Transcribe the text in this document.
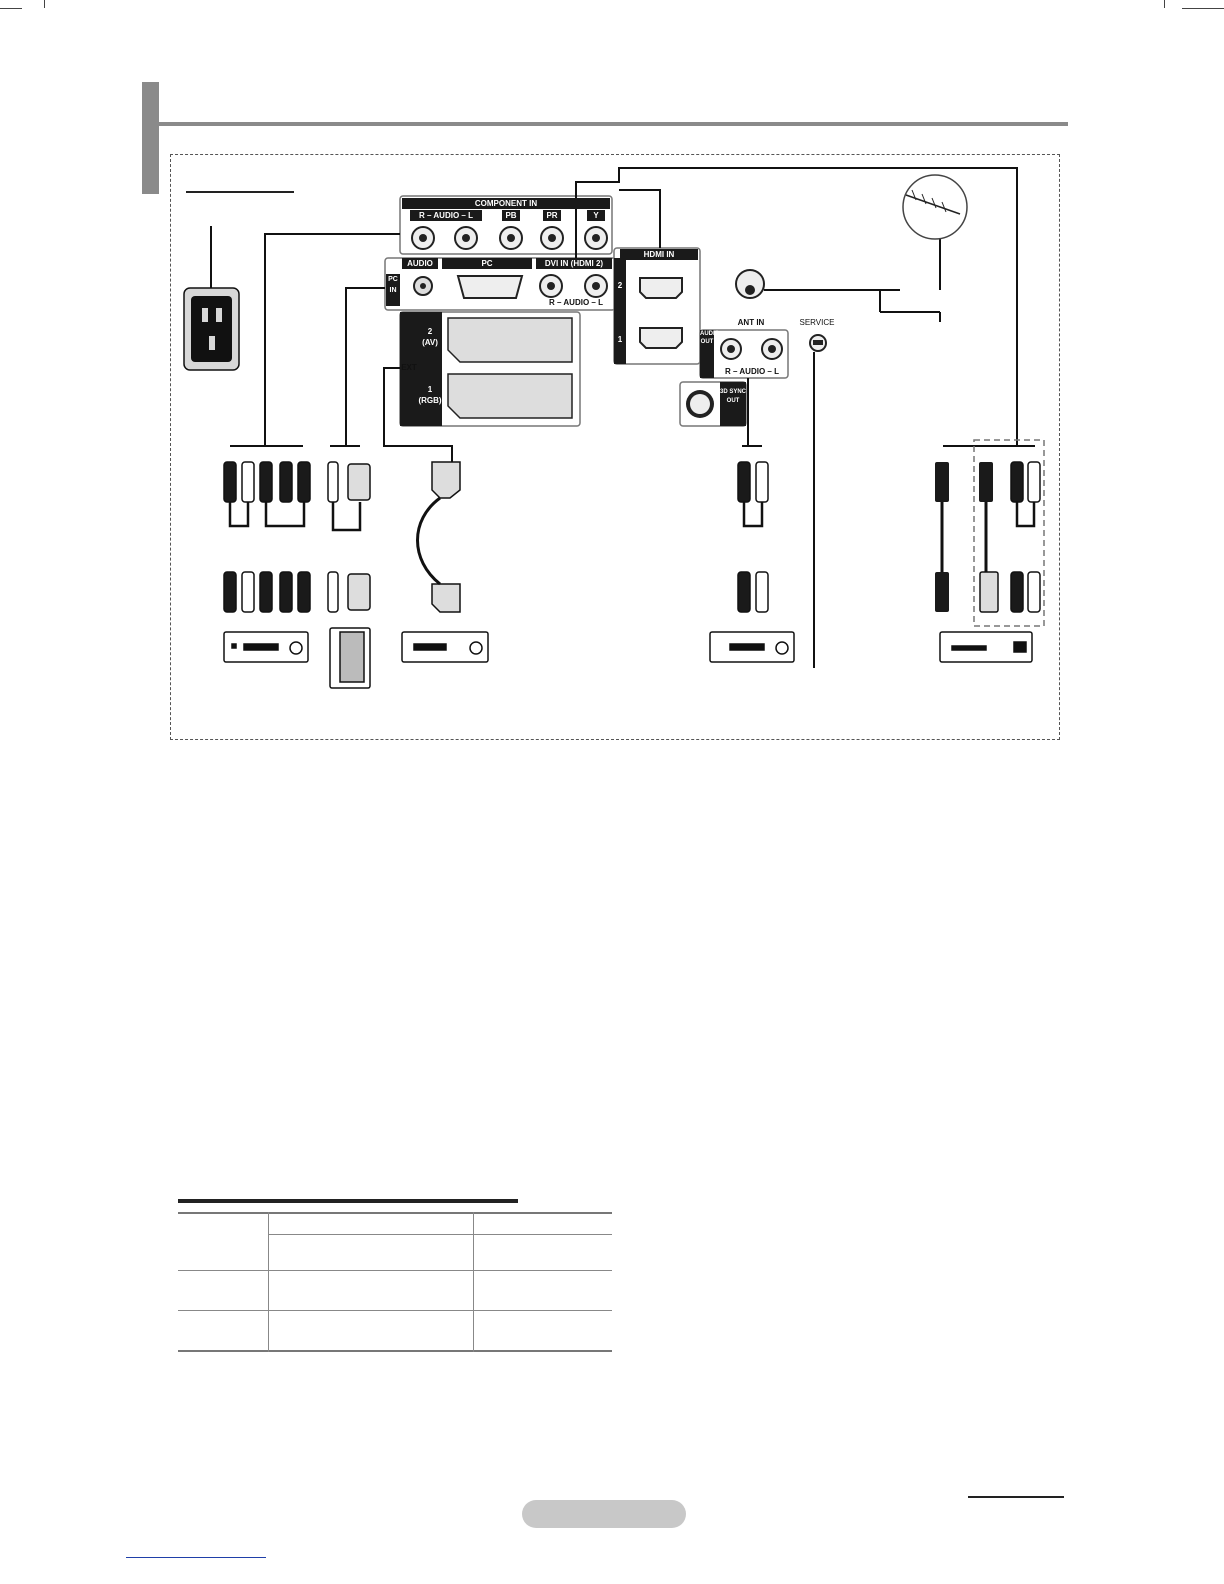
COMPONENT IN
R – AUDIO – L	PB	PR	Y
AUDIO	PC
PC IN
DVI IN (HDMI 2)
R – AUDIO – L
EXT
2
(AV)
1
(RGB)
HDMI IN
2
1
ANT IN
AUDIO OUT
R – AUDIO – L
SERVICE
3D SYNC OUT
